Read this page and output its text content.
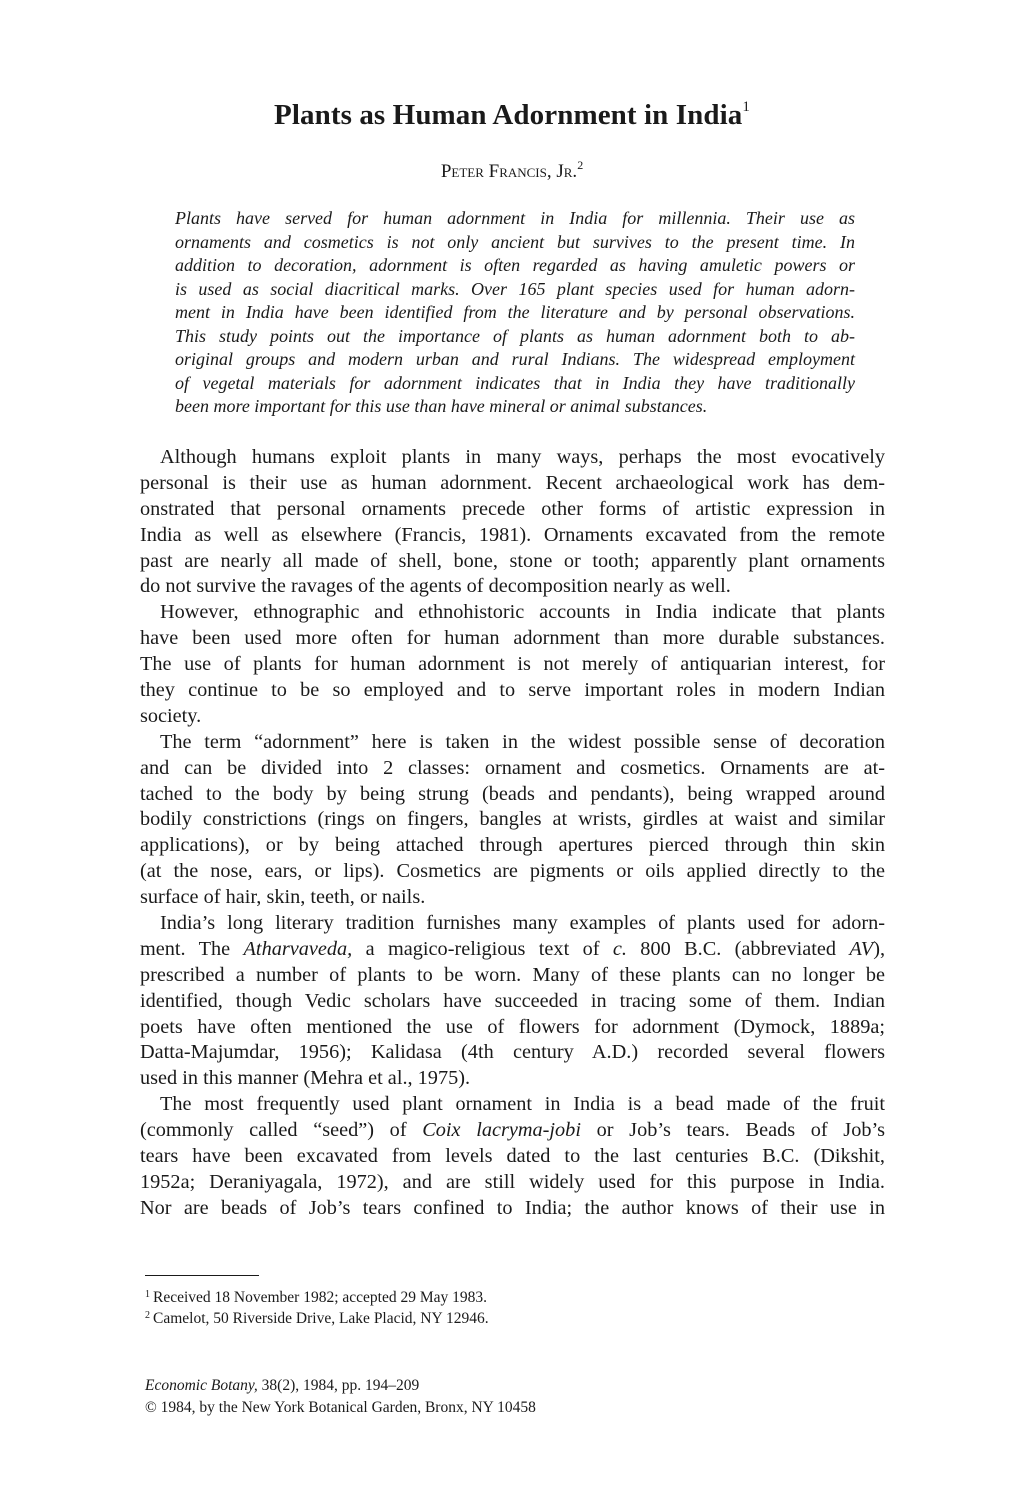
Plants as Human Adornment in India$^1$
Peter Francis, Jr.$^2$
Plants have served for human adornment in India for millennia. Their use as
ornaments and cosmetics is not only ancient but survives to the present time. In
addition to decoration, adornment is often regarded as having amuletic powers or
is used as social diacritical marks. Over 165 plant species used for human adorn-
ment in India have been identified from the literature and by personal observations.
This study points out the importance of plants as human adornment both to ab-
original groups and modern urban and rural Indians. The widespread employment
of vegetal materials for adornment indicates that in India they have traditionally
been more important for this use than have mineral or animal substances.
Although humans exploit plants in many ways, perhaps the most evocatively
personal is their use as human adornment. Recent archaeological work has dem-
onstrated that personal ornaments precede other forms of artistic expression in
India as well as elsewhere (Francis, 1981). Ornaments excavated from the remote
past are nearly all made of shell, bone, stone or tooth; apparently plant ornaments
do not survive the ravages of the agents of decomposition nearly as well.
However, ethnographic and ethnohistoric accounts in India indicate that plants
have been used more often for human adornment than more durable substances.
The use of plants for human adornment is not merely of antiquarian interest, for
they continue to be so employed and to serve important roles in modern Indian
society.
The term “adornment” here is taken in the widest possible sense of decoration
and can be divided into 2 classes: ornament and cosmetics. Ornaments are at-
tached to the body by being strung (beads and pendants), being wrapped around
bodily constrictions (rings on fingers, bangles at wrists, girdles at waist and similar
applications), or by being attached through apertures pierced through thin skin
(at the nose, ears, or lips). Cosmetics are pigments or oils applied directly to the
surface of hair, skin, teeth, or nails.
India’s long literary tradition furnishes many examples of plants used for adorn-
ment. The Atharvaveda, a magico-religious text of c. 800 B.C. (abbreviated AV),
prescribed a number of plants to be worn. Many of these plants can no longer be
identified, though Vedic scholars have succeeded in tracing some of them. Indian
poets have often mentioned the use of flowers for adornment (Dymock, 1889a;
Datta-Majumdar, 1956); Kalidasa (4th century A.D.) recorded several flowers
used in this manner (Mehra et al., 1975).
The most frequently used plant ornament in India is a bead made of the fruit
(commonly called “seed”) of Coix lacryma-jobi or Job’s tears. Beads of Job’s
tears have been excavated from levels dated to the last centuries B.C. (Dikshit,
1952a; Deraniyagala, 1972), and are still widely used for this purpose in India.
Nor are beads of Job’s tears confined to India; the author knows of their use in
$^1$ Received 18 November 1982; accepted 29 May 1983.
$^2$ Camelot, 50 Riverside Drive, Lake Placid, NY 12946.
Economic Botany, 38(2), 1984, pp. 194–209
© 1984, by the New York Botanical Garden, Bronx, NY 10458
